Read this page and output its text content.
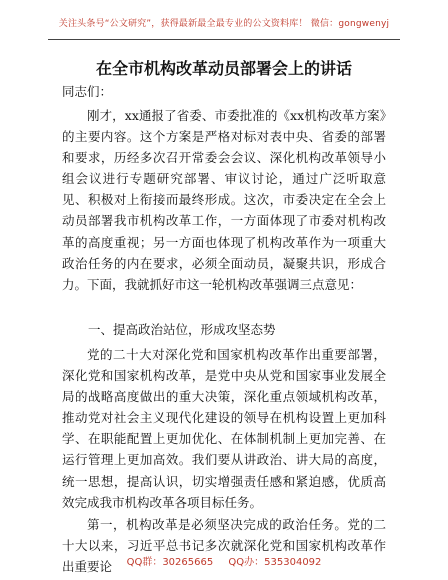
关注头条号“公文研究”，获得最新最全最专业的公文资料库！ 微信：gongwenyj
在全市机构改革动员部署会上的讲话
同志们：
刚才，xx通报了省委、市委批准的《xx机构改革方案》的主要内容。这个方案是严格对标对表中央、省委的部署和要求，历经多次召开常委会会议、深化机构改革领导小组会议进行专题研究部署、审议讨论，通过广泛听取意见、积极对上衔接而最终形成。这次，市委决定在全会上动员部署我市机构改革工作，一方面体现了市委对机构改革的高度重视；另一方面也体现了机构改革作为一项重大政治任务的内在要求，必须全面动员，凝聚共识，形成合力。下面，我就抓好市这一轮机构改革强调三点意见：
一、提高政治站位，形成攻坚态势
党的二十大对深化党和国家机构改革作出重要部署，深化党和国家机构改革，是党中央从党和国家事业发展全局的战略高度做出的重大决策，深化重点领域机构改革，推动党对社会主义现代化建设的领导在机构设置上更加科学、在职能配置上更加优化、在体制机制上更加完善、在运行管理上更加高效。我们要从讲政治、讲大局的高度，统一思想，提高认识，切实增强责任感和紧迫感，优质高效完成我市机构改革各项目标任务。
第一，机构改革是必须坚决完成的政治任务。党的二十大以来，习近平总书记多次就深化党和国家机构改革作出重要论	QQ群：30265665 QQ办：535304092
